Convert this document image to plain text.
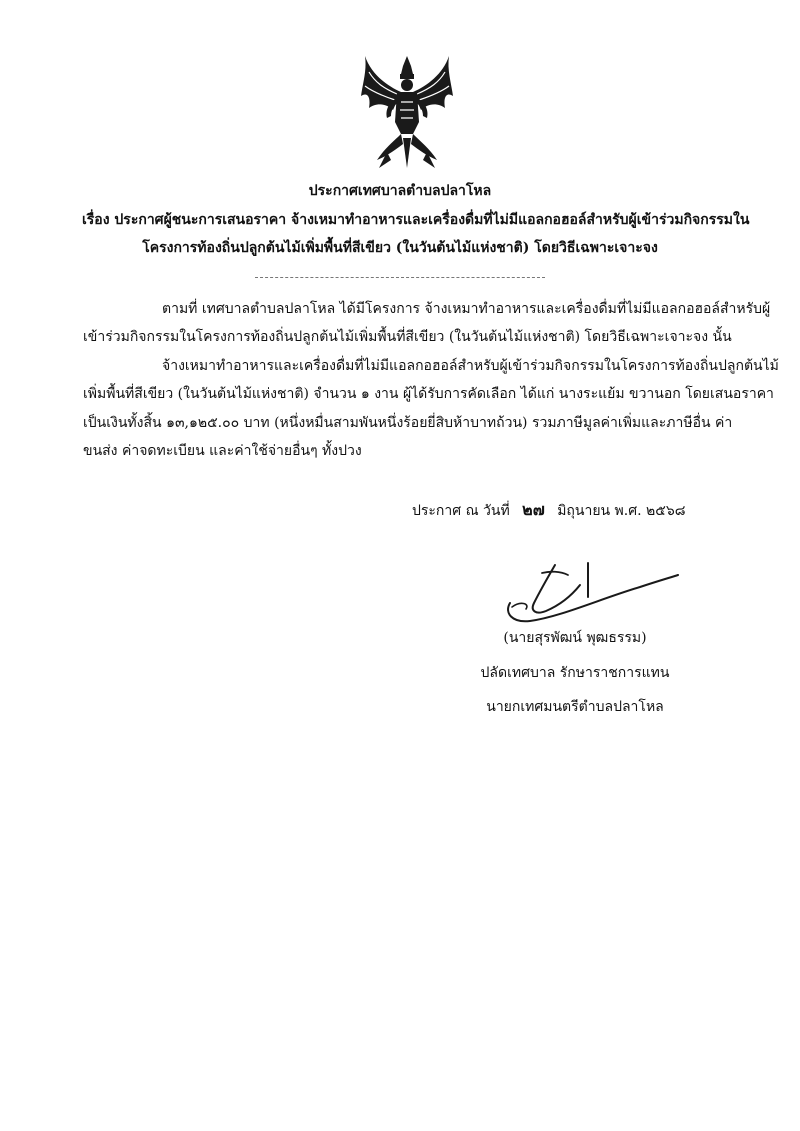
ประกาศเทศบาลตำบลปลาโหล
เรื่อง ประกาศผู้ชนะการเสนอราคา จ้างเหมาทำอาหารและเครื่องดื่มที่ไม่มีแอลกอฮอล์สำหรับผู้เข้าร่วมกิจกรรมใน
โครงการท้องถิ่นปลูกต้นไม้เพิ่มพื้นที่สีเขียว (ในวันต้นไม้แห่งชาติ) โดยวิธีเฉพาะเจาะจง
ตามที่ เทศบาลตำบลปลาโหล ได้มีโครงการ จ้างเหมาทำอาหารและเครื่องดื่มที่ไม่มีแอลกอฮอล์สำหรับผู้
เข้าร่วมกิจกรรมในโครงการท้องถิ่นปลูกต้นไม้เพิ่มพื้นที่สีเขียว (ในวันต้นไม้แห่งชาติ) โดยวิธีเฉพาะเจาะจง นั้น
จ้างเหมาทำอาหารและเครื่องดื่มที่ไม่มีแอลกอฮอล์สำหรับผู้เข้าร่วมกิจกรรมในโครงการท้องถิ่นปลูกต้นไม้
เพิ่มพื้นที่สีเขียว (ในวันต้นไม้แห่งชาติ) จำนวน ๑ งาน ผู้ได้รับการคัดเลือก ได้แก่ นางระแย้ม ขวานอก โดยเสนอราคา
เป็นเงินทั้งสิ้น ๑๓,๑๒๕.๐๐ บาท (หนึ่งหมื่นสามพันหนึ่งร้อยยี่สิบห้าบาทถ้วน) รวมภาษีมูลค่าเพิ่มและภาษีอื่น ค่า
ขนส่ง ค่าจดทะเบียน และค่าใช้จ่ายอื่นๆ ทั้งปวง
ประกาศ ณ วันที่ ๒๗ มิถุนายน พ.ศ. ๒๕๖๘
(นายสุรพัฒน์ พุฒธรรม)
ปลัดเทศบาล รักษาราชการแทน
นายกเทศมนตรีตำบลปลาโหล
